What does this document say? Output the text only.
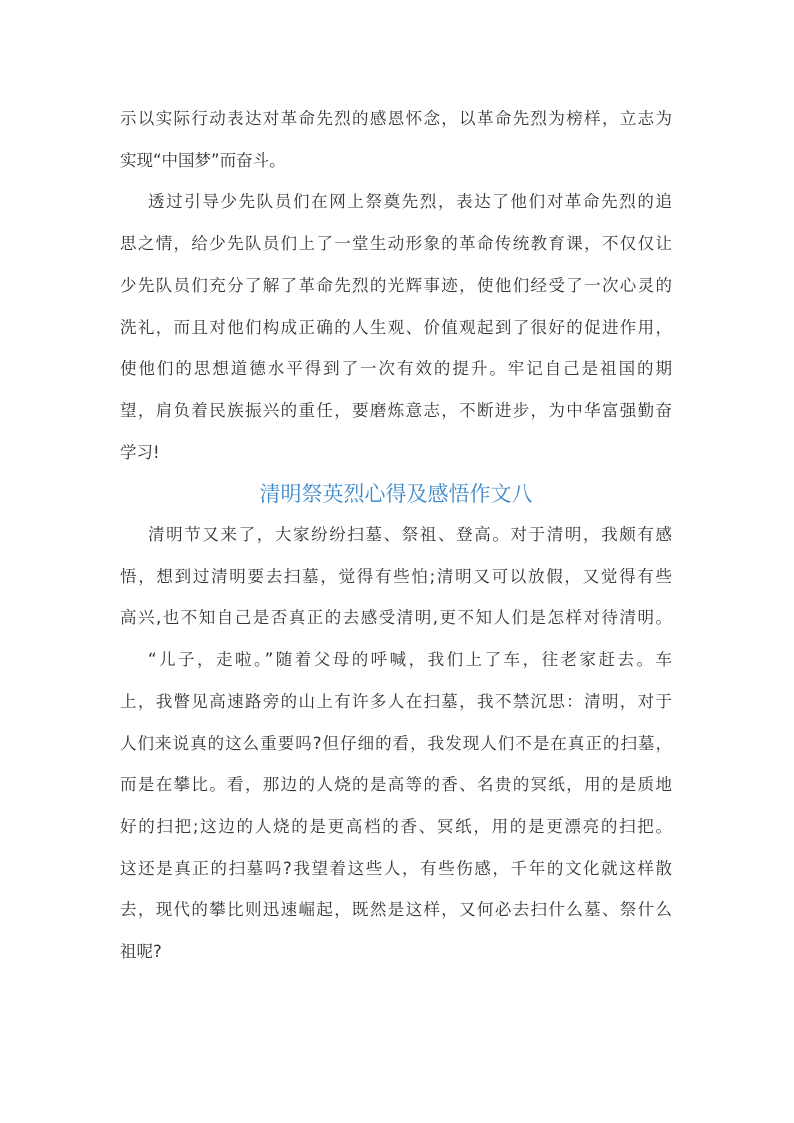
示以实际行动表达对革命先烈的感恩怀念，以革命先烈为榜样，立志为
实现“中国梦”而奋斗。
透过引导少先队员们在网上祭奠先烈，表达了他们对革命先烈的追
思之情，给少先队员们上了一堂生动形象的革命传统教育课，不仅仅让
少先队员们充分了解了革命先烈的光辉事迹，使他们经受了一次心灵的
洗礼，而且对他们构成正确的人生观、价值观起到了很好的促进作用，
使他们的思想道德水平得到了一次有效的提升。牢记自己是祖国的期
望，肩负着民族振兴的重任，要磨炼意志，不断进步，为中华富强勤奋
学习!
清明祭英烈心得及感悟作文八
清明节又来了，大家纷纷扫墓、祭祖、登高。对于清明，我颇有感
悟，想到过清明要去扫墓，觉得有些怕;清明又可以放假，又觉得有些
高兴,也不知自己是否真正的去感受清明,更不知人们是怎样对待清明。
“儿子，走啦。”随着父母的呼喊，我们上了车，往老家赶去。车
上，我瞥见高速路旁的山上有许多人在扫墓，我不禁沉思：清明，对于
人们来说真的这么重要吗?但仔细的看，我发现人们不是在真正的扫墓，
而是在攀比。看，那边的人烧的是高等的香、名贵的冥纸，用的是质地
好的扫把;这边的人烧的是更高档的香、冥纸，用的是更漂亮的扫把。
这还是真正的扫墓吗?我望着这些人，有些伤感，千年的文化就这样散
去，现代的攀比则迅速崛起，既然是这样，又何必去扫什么墓、祭什么
祖呢?
